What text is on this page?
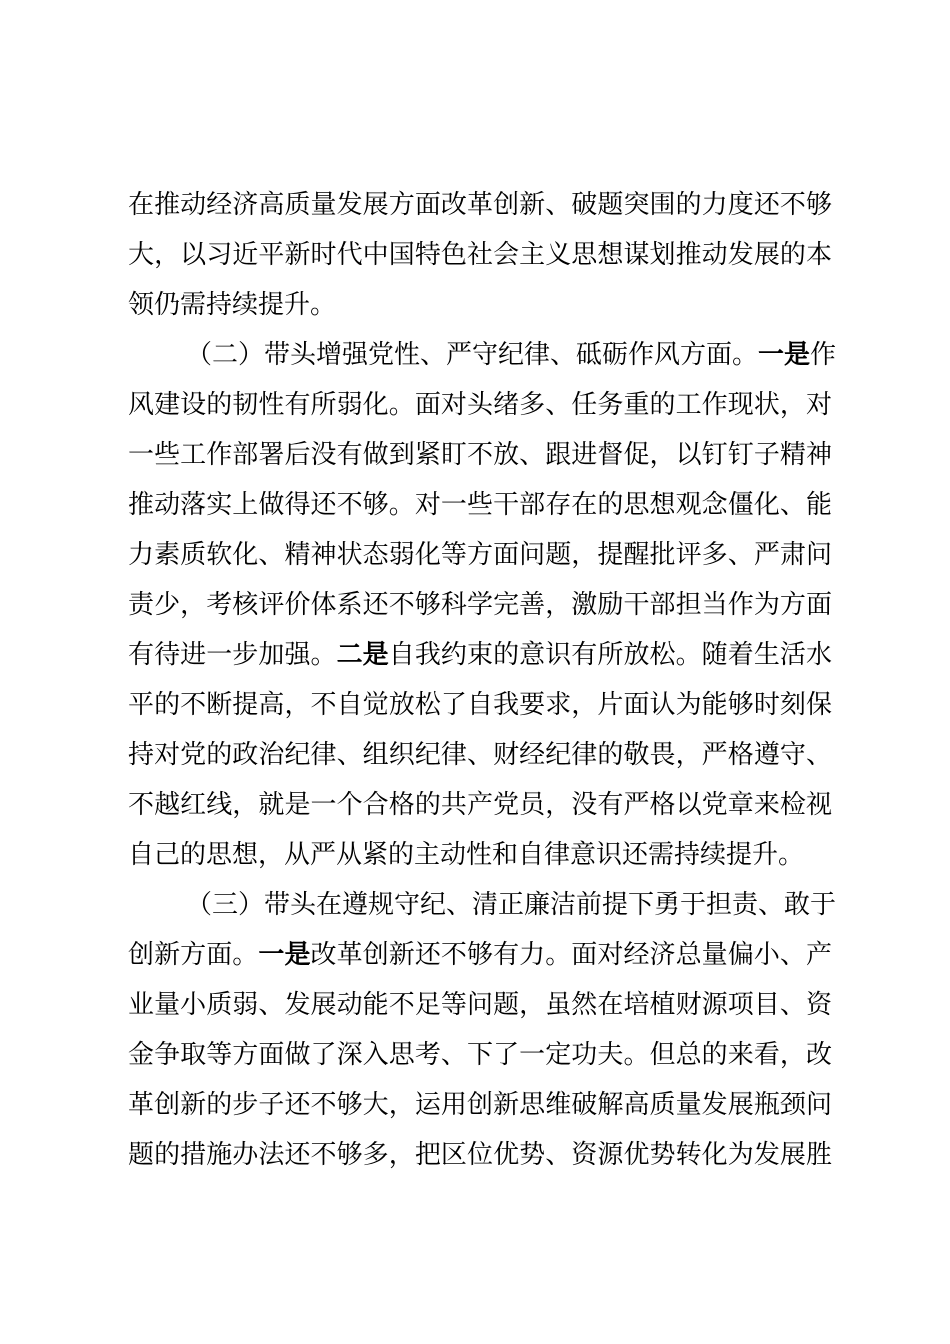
在推动经济高质量发展方面改革创新、破题突围的力度还不够
大，以习近平新时代中国特色社会主义思想谋划推动发展的本
领仍需持续提升。
（二）带头增强党性、严守纪律、砥砺作风方面。一是作
风建设的韧性有所弱化。面对头绪多、任务重的工作现状，对
一些工作部署后没有做到紧盯不放、跟进督促，以钉钉子精神
推动落实上做得还不够。对一些干部存在的思想观念僵化、能
力素质软化、精神状态弱化等方面问题，提醒批评多、严肃问
责少，考核评价体系还不够科学完善，激励干部担当作为方面
有待进一步加强。二是自我约束的意识有所放松。随着生活水
平的不断提高，不自觉放松了自我要求，片面认为能够时刻保
持对党的政治纪律、组织纪律、财经纪律的敬畏，严格遵守、
不越红线，就是一个合格的共产党员，没有严格以党章来检视
自己的思想，从严从紧的主动性和自律意识还需持续提升。
（三）带头在遵规守纪、清正廉洁前提下勇于担责、敢于
创新方面。一是改革创新还不够有力。面对经济总量偏小、产
业量小质弱、发展动能不足等问题，虽然在培植财源项目、资
金争取等方面做了深入思考、下了一定功夫。但总的来看，改
革创新的步子还不够大，运用创新思维破解高质量发展瓶颈问
题的措施办法还不够多，把区位优势、资源优势转化为发展胜
